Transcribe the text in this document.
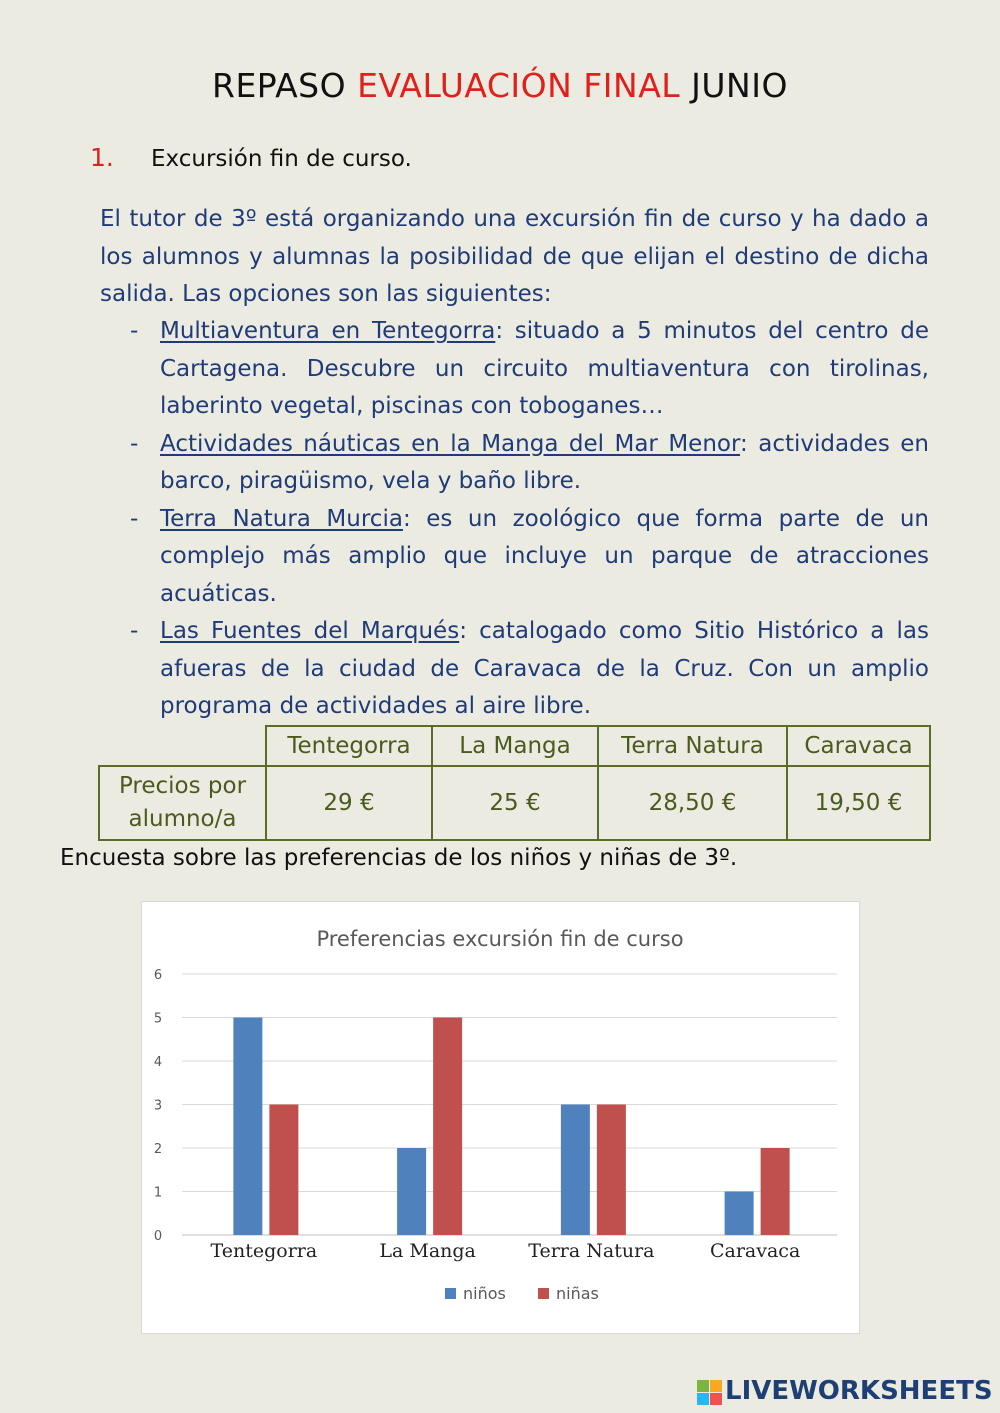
REPASO EVALUACIÓN FINAL JUNIO
1. Excursión fin de curso.
El tutor de 3º está organizando una excursión fin de curso y ha dado a los alumnos y alumnas la posibilidad de que elijan el destino de dicha salida. Las opciones son las siguientes:
- Multiaventura en Tentegorra: situado a 5 minutos del centro de Cartagena. Descubre un circuito multiaventura con tirolinas, laberinto vegetal, piscinas con toboganes…
- Actividades náuticas en la Manga del Mar Menor: actividades en barco, piragüismo, vela y baño libre.
- Terra Natura Murcia: es un zoológico que forma parte de un complejo más amplio que incluye un parque de atracciones acuáticas.
- Las Fuentes del Marqués: catalogado como Sitio Histórico a las afueras de la ciudad de Caravaca de la Cruz. Con un amplio programa de actividades al aire libre.
	Tentegorra	La Manga	Terra Natura	Caravaca
Precios por
alumno/a	29 €	25 €	28,50 €	19,50 €
Encuesta sobre las preferencias de los niños y niñas de 3º.
Preferencias excursión fin de curso
0
1
2
3
4
5
6
Tentegorra	La Manga	Terra Natura	Caravaca
niños	niñas
LIVEWORKSHEETS
